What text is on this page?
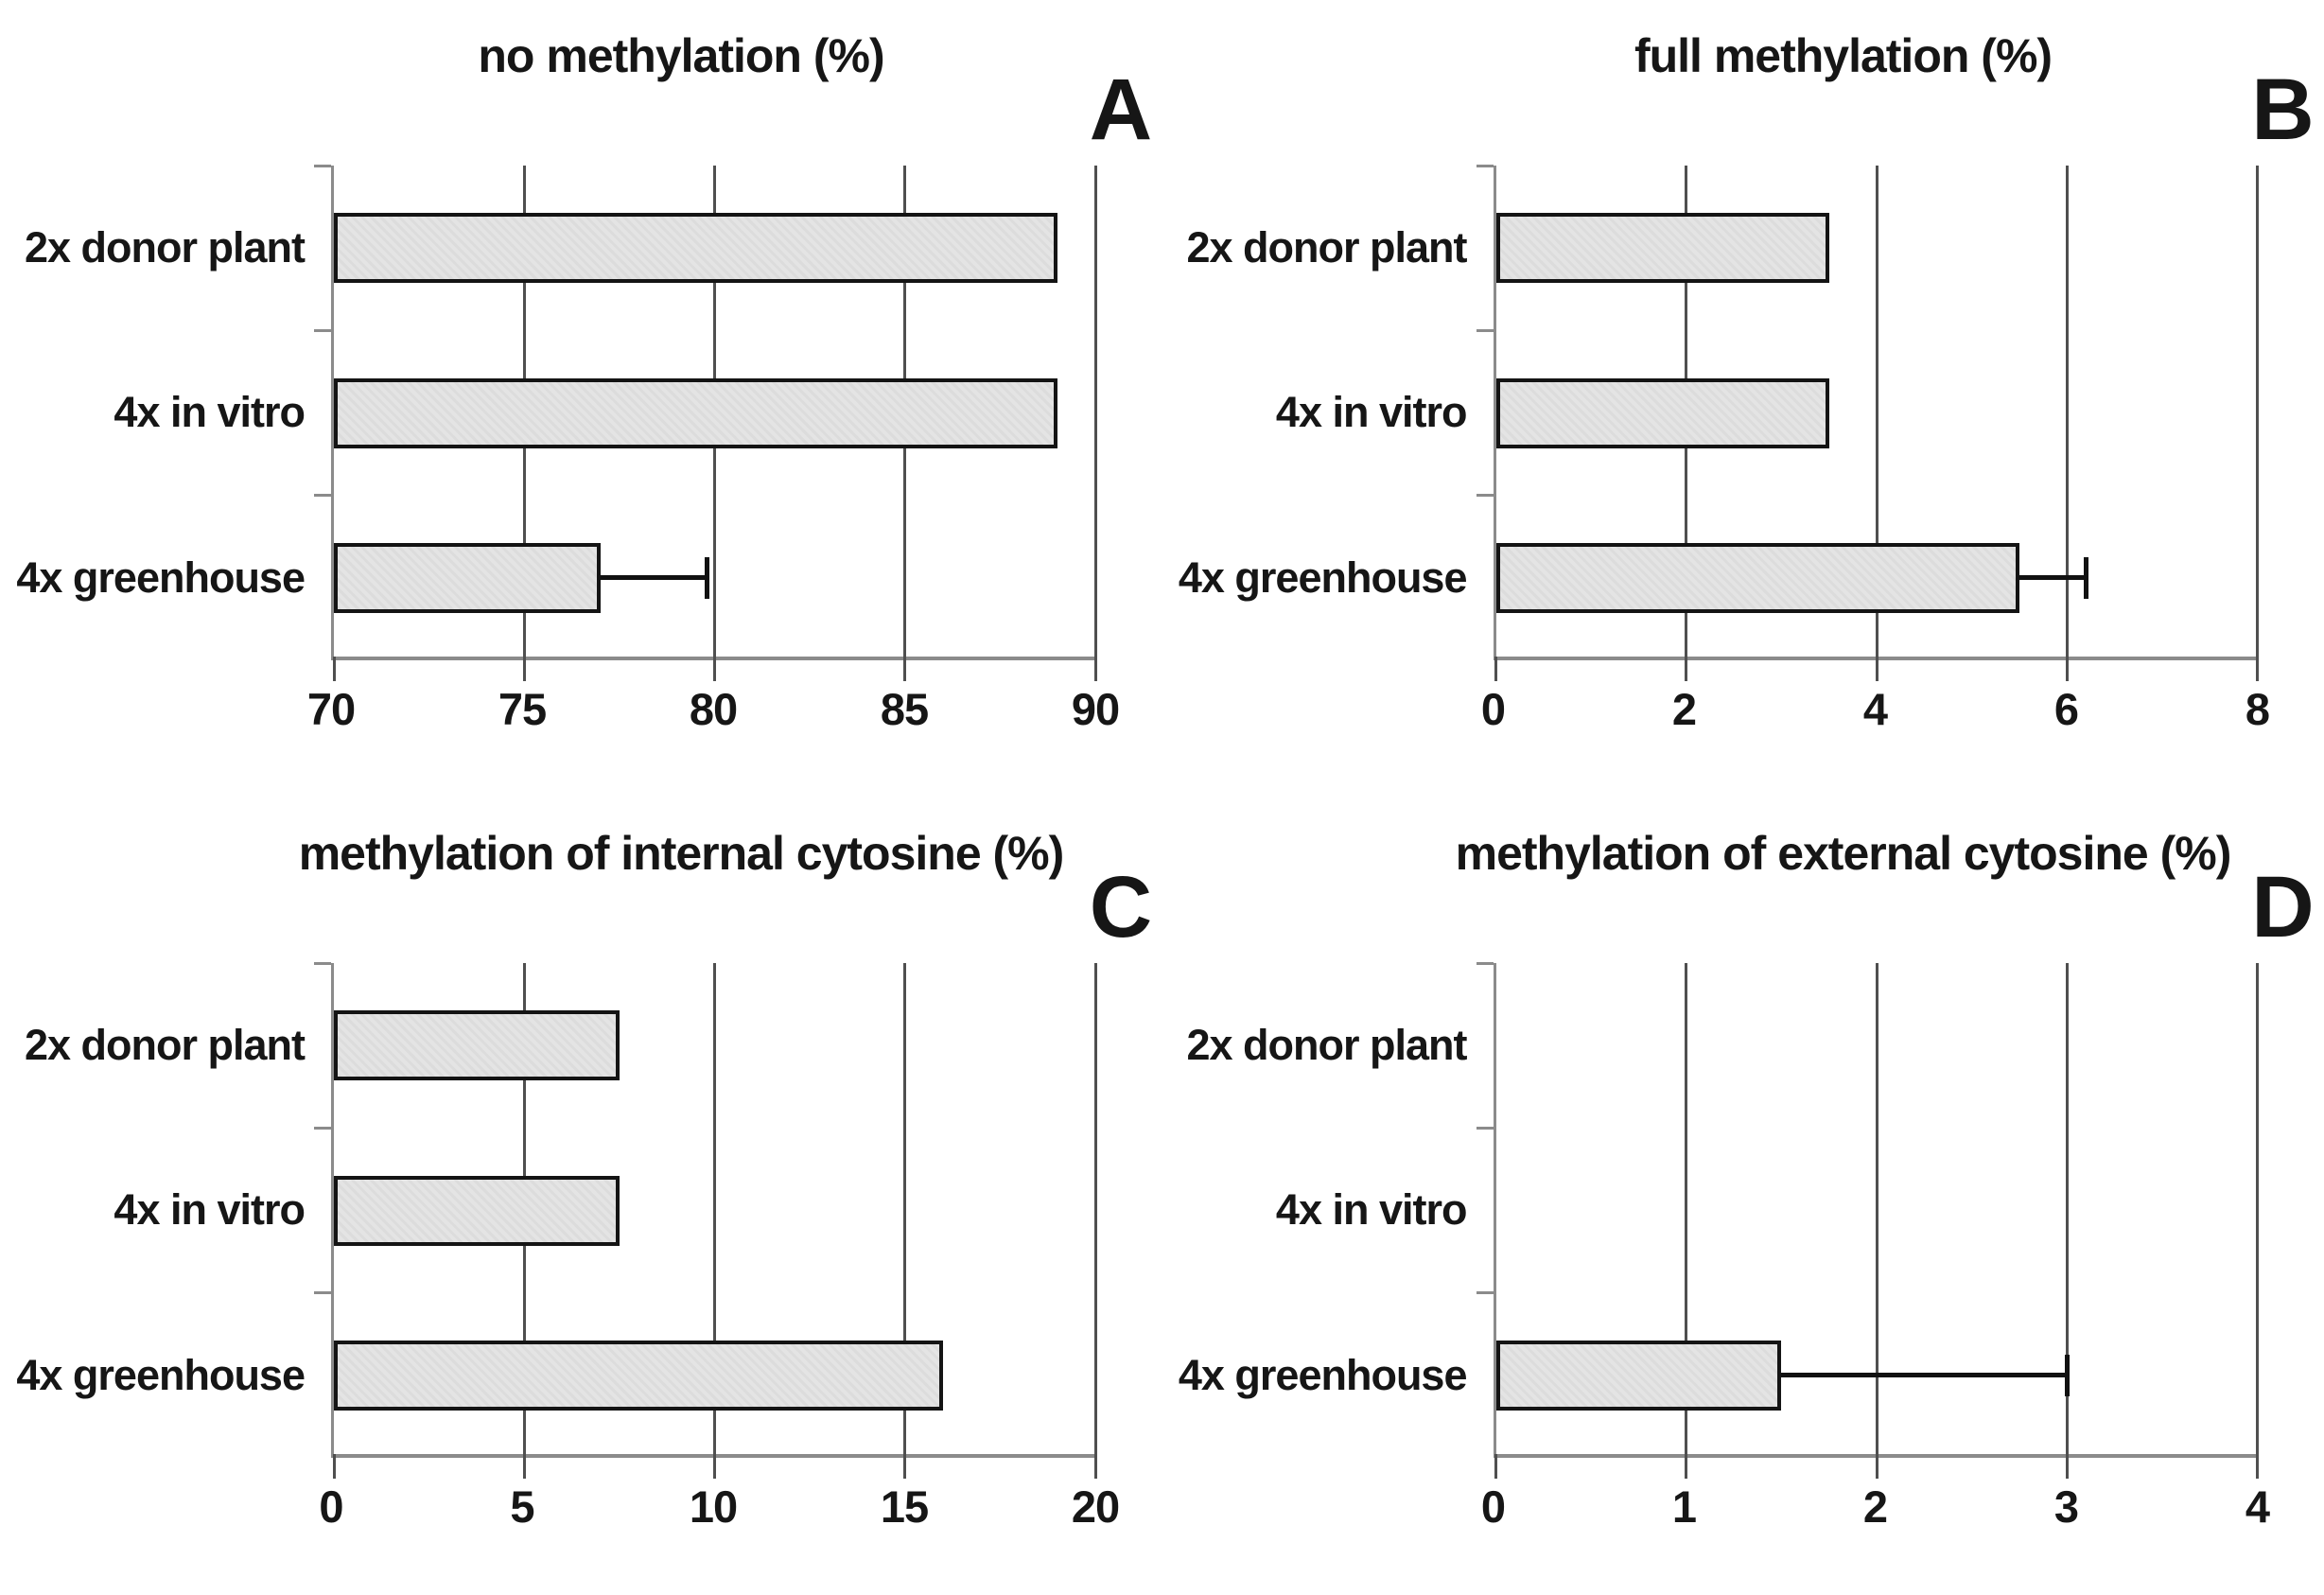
no methylation (%)
A
70	75	80	85	90
2x donor plant
4x in vitro
4x greenhouse
full methylation (%)
B
0	2	4	6	8
2x donor plant
4x in vitro
4x greenhouse
methylation of internal cytosine (%)
C
0	5	10	15	20
2x donor plant
4x in vitro
4x greenhouse
methylation of external cytosine (%)
D
0	1	2	3	4
2x donor plant
4x in vitro
4x greenhouse
